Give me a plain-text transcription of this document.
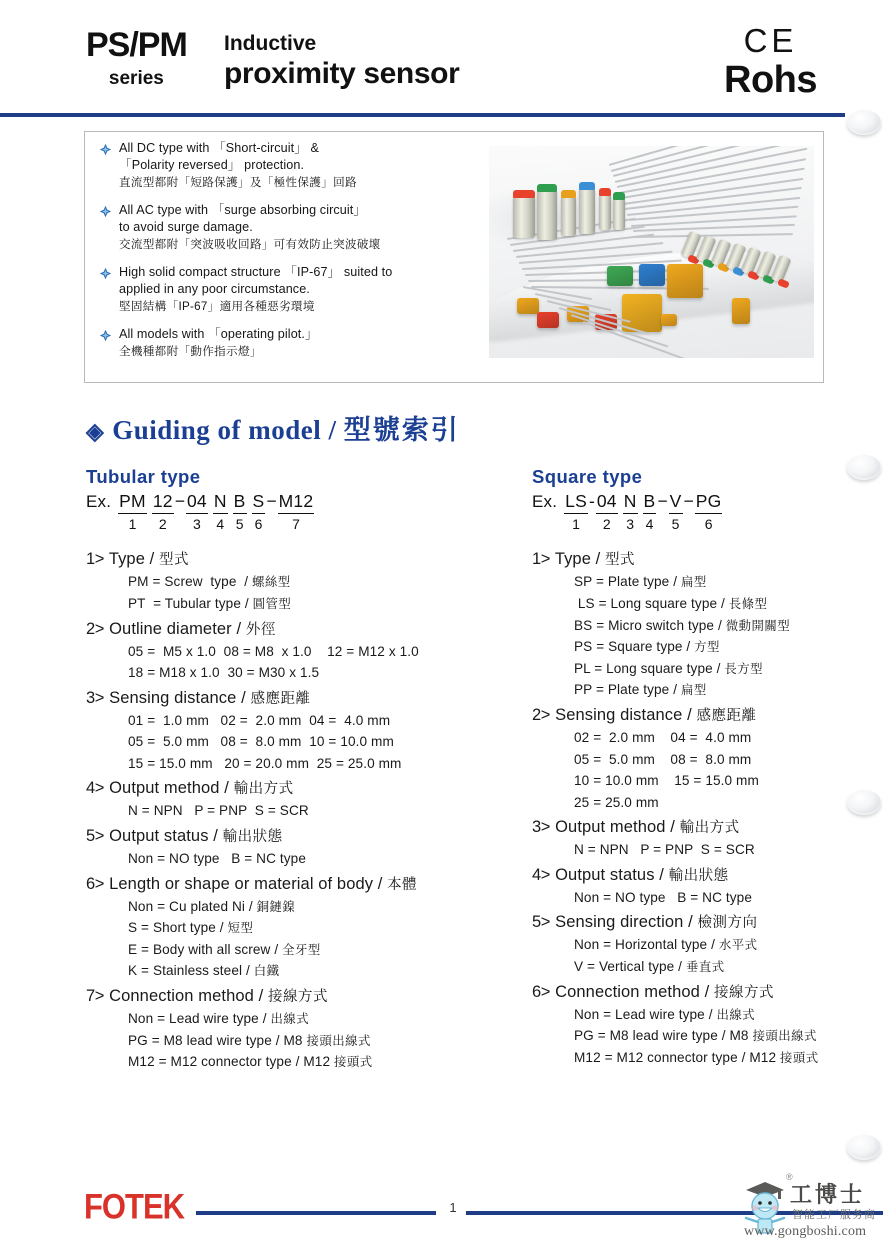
PS/PM
series
Inductive
proximity sensor
CE
Rohs
All DC type with 「Short-circuit」 &
「Polarity reversed」 protection.
直流型都附「短路保護」及「極性保護」回路
All AC type with 「surge absorbing circuit」
to avoid surge damage.
交流型都附「突波吸收回路」可有效防止突波破壞
High solid compact structure 「IP-67」 suited to
applied in any poor circumstance.
堅固結構「IP-67」適用各種惡劣環境
All models with 「operating pilot.」
全機種都附「動作指示燈」
◈ Guiding of model / 型號索引
Tubular type
Ex. PM
1
12
2
− 04
3
N
4
B
5
S
6
− M12
7
1> Type / 型式
PM = Screw  type  / 螺絲型
PT  = Tubular type / 圓管型
2> Outline diameter / 外徑
05 =  M5 x 1.0  08 = M8  x 1.0    12 = M12 x 1.0
18 = M18 x 1.0  30 = M30 x 1.5
3> Sensing distance / 感應距離
01 =  1.0 mm   02 =  2.0 mm  04 =  4.0 mm
05 =  5.0 mm   08 =  8.0 mm  10 = 10.0 mm
15 = 15.0 mm   20 = 20.0 mm  25 = 25.0 mm
4> Output method / 輸出方式
N = NPN   P = PNP  S = SCR
5> Output status / 輸出狀態
Non = NO type   B = NC type
6> Length or shape or material of body / 本體
Non = Cu plated Ni / 銅鏈鎳
S = Short type / 短型
E = Body with all screw / 全牙型
K = Stainless steel / 白鐵
7> Connection method / 接線方式
Non = Lead wire type / 出線式
PG = M8 lead wire type / M8 接頭出線式
M12 = M12 connector type / M12 接頭式
Square type
Ex. LS
1
- 04
2
N
3
B
4
− V
5
− PG
6
1> Type / 型式
SP = Plate type / 扁型
LS = Long square type / 長條型
BS = Micro switch type / 微動開關型
PS = Square type / 方型
PL = Long square type / 長方型
PP = Plate type / 扁型
2> Sensing distance / 感應距離
02 =  2.0 mm    04 =  4.0 mm
05 =  5.0 mm    08 =  8.0 mm
10 = 10.0 mm    15 = 15.0 mm
25 = 25.0 mm
3> Output method / 輸出方式
N = NPN   P = PNP  S = SCR
4> Output status / 輸出狀態
Non = NO type   B = NC type
5> Sensing direction / 檢測方向
Non = Horizontal type / 水平式
V = Vertical type / 垂直式
6> Connection method / 接線方式
Non = Lead wire type / 出線式
PG = M8 lead wire type / M8 接頭出線式
M12 = M12 connector type / M12 接頭式
FOTEK	1
®
工博士
智能工厂服务商
www.gongboshi.com
